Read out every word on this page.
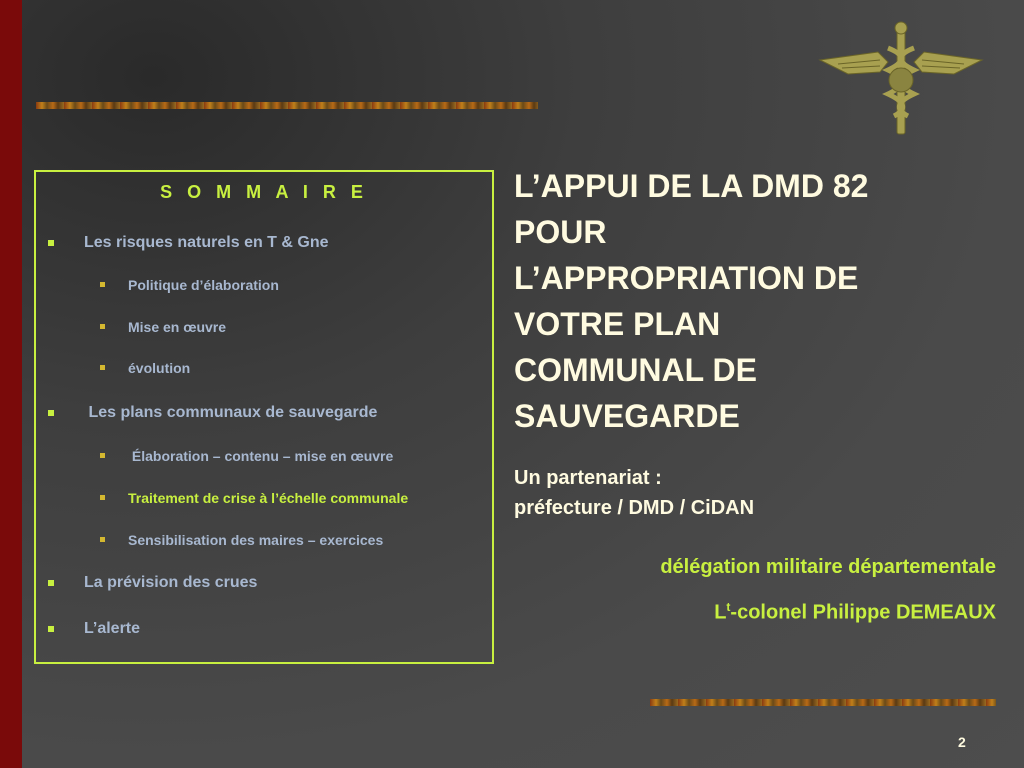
S O M M A I R E
Les risques naturels en T & Gne
Politique d’élaboration
Mise en œuvre
évolution
Les plans communaux de sauvegarde
Élaboration – contenu – mise en œuvre
Traitement de crise à l’échelle communale
Sensibilisation des maires – exercices
La prévision des crues
L’alerte
L’APPUI DE LA DMD 82
POUR
L’APPROPRIATION DE
VOTRE PLAN
COMMUNAL DE
SAUVEGARDE
Un partenariat :
préfecture / DMD / CiDAN
délégation militaire départementale
$L^t$-colonel Philippe DEMEAUX
2
